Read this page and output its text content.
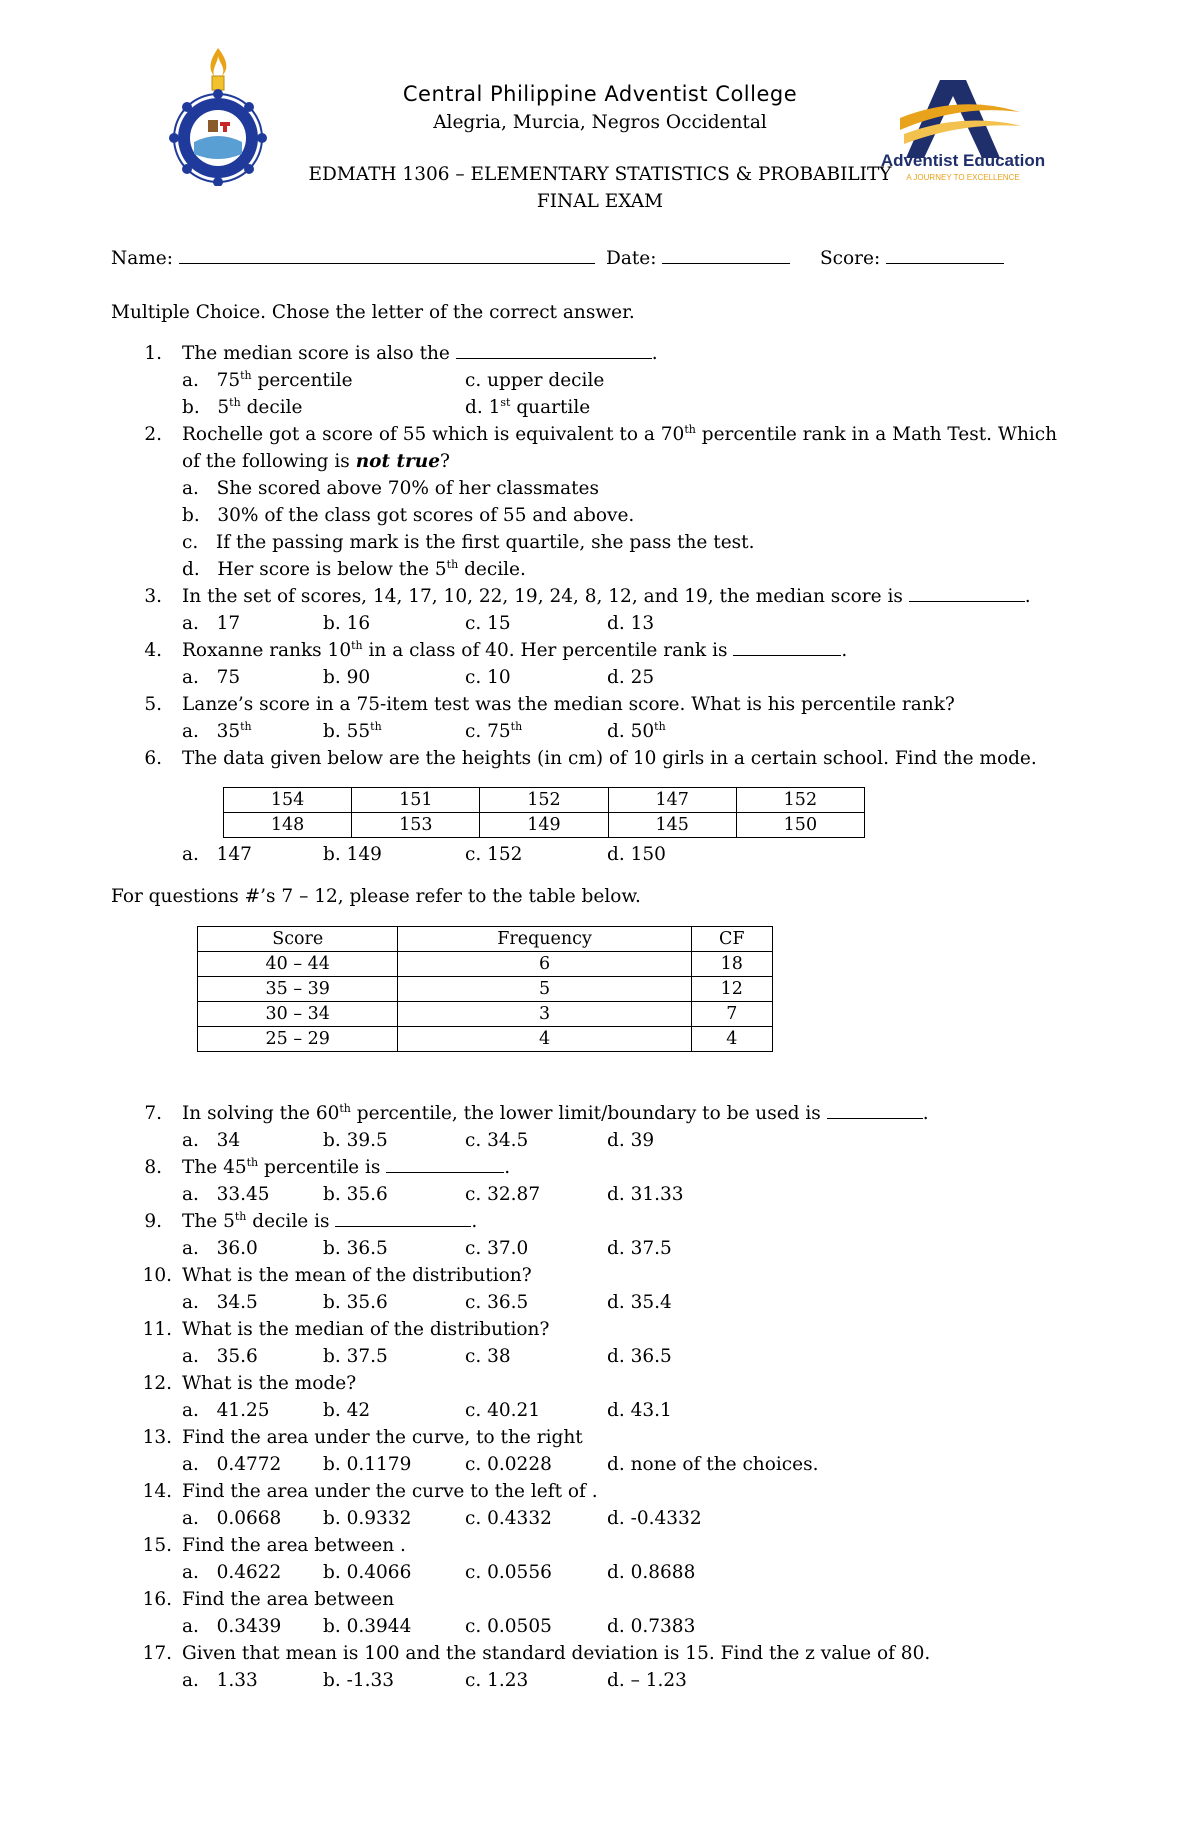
Adventist Education
A JOURNEY TO EXCELLENCE
Central Philippine Adventist College
Alegria, Murcia, Negros Occidental
EDMATH 1306 – ELEMENTARY STATISTICS & PROBABILITY
FINAL EXAM
Name:	Date:	Score:
Multiple Choice. Chose the letter of the correct answer.
1. The median score is also the	.
a. 75th percentile
b. 5th decile
c. upper decile
d. 1st quartile
2. Rochelle got a score of 55 which is equivalent to a 70th percentile rank in a Math Test. Which
of the following is not true?
a. She scored above 70% of her classmates
b. 30% of the class got scores of 55 and above.
c. If the passing mark is the first quartile, she pass the test.
d. Her score is below the 5th decile.
3. In the set of scores, 14, 17, 10, 22, 19, 24, 8, 12, and 19, the median score is	.
a. 17	b. 16	c. 15	d. 13
4. Roxanne ranks 10th in a class of 40. Her percentile rank is	.
a. 75	b. 90	c. 10	d. 25
5. Lanze’s score in a 75-item test was the median score. What is his percentile rank?
a. 35th	b. 55th	c. 75th	d. 50th
6. The data given below are the heights (in cm) of 10 girls in a certain school. Find the mode.
154	151	152	147	152
148	153	149	145	150
a. 147	b. 149	c. 152	d. 150
For questions #’s 7 – 12, please refer to the table below.
Score	Frequency	CF
40 – 44	6	18
35 – 39	5	12
30 – 34	3	7
25 – 29	4	4
7. In solving the 60th percentile, the lower limit/boundary to be used is	.
a. 34	b. 39.5	c. 34.5	d. 39
8. The 45th percentile is	.
a. 33.45	b. 35.6	c. 32.87	d. 31.33
9. The 5th decile is	.
a. 36.0	b. 36.5	c. 37.0	d. 37.5
10. What is the mean of the distribution?
a. 34.5	b. 35.6	c. 36.5	d. 35.4
11. What is the median of the distribution?
a. 35.6	b. 37.5	c. 38	d. 36.5
12. What is the mode?
a. 41.25	b. 42	c. 40.21	d. 43.1
13. Find the area under the curve, to the right
a. 0.4772 b. 0.1179	c. 0.0228	d. none of the choices.
14. Find the area under the curve to the left of .
a. 0.0668 b. 0.9332	c. 0.4332	d. -0.4332
15. Find the area between .
a. 0.4622 b. 0.4066	c. 0.0556	d. 0.8688
16. Find the area between
a. 0.3439 b. 0.3944	c. 0.0505	d. 0.7383
17. Given that mean is 100 and the standard deviation is 15. Find the z value of 80.
a. 1.33	b. -1.33	c. 1.23	d. – 1.23
